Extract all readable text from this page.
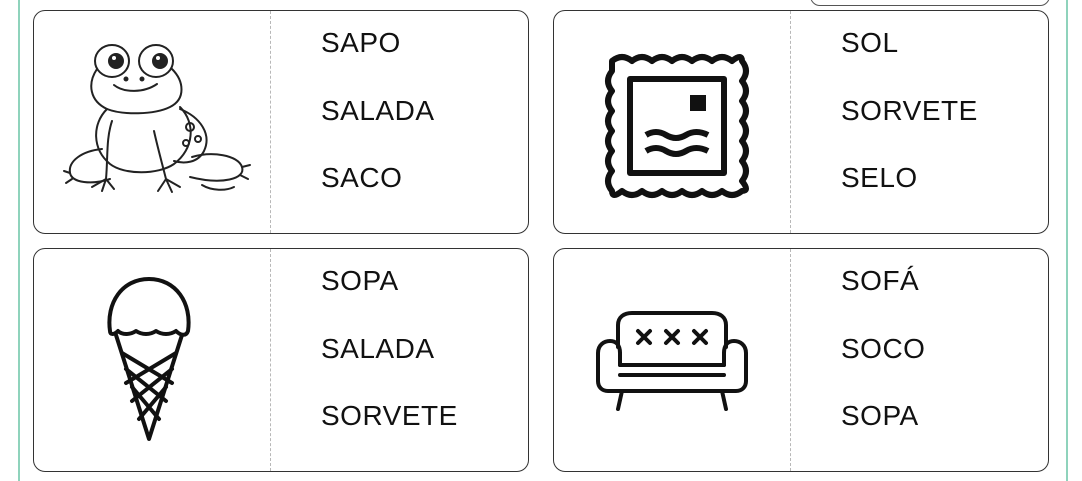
SAPO
SALADA
SACO
SOL
SORVETE
SELO
SOPA
SALADA
SORVETE
SOFÁ
SOCO
SOPA
